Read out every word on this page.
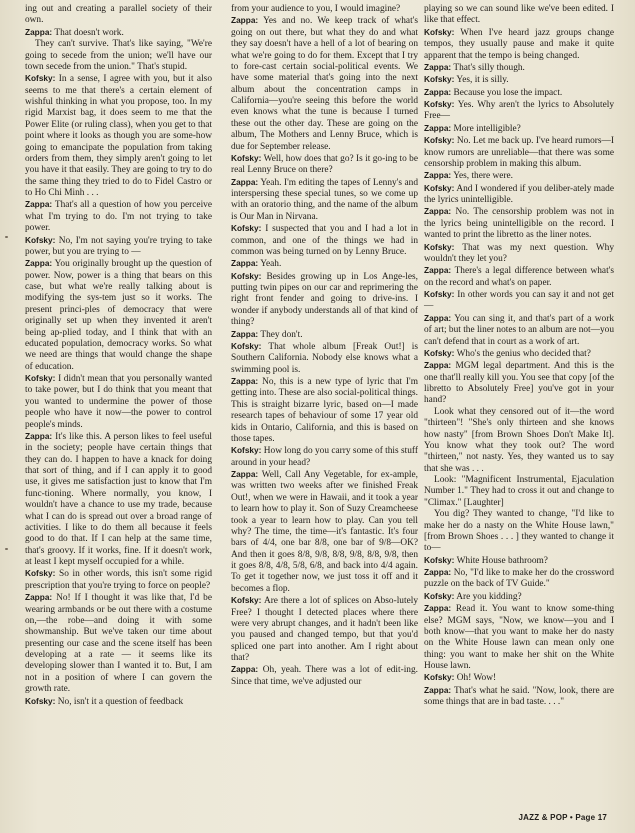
ing out and creating a parallel society of their own.

Zappa: That doesn't work.

They can't survive. That's like saying, "We're going to secede from the union; we'll have our town secede from the union." That's stupid.

Kofsky: In a sense, I agree with you, but it also seems to me that there's a certain element of wishful thinking in what you propose, too. In my rigid Marxist bag, it does seem to me that the Power Elite (or ruling class), when you get to that point where it looks as though you are some-how going to emancipate the population from taking orders from them, they simply aren't going to let you have it that easily. They are going to try to do the same thing they tried to do to Fidel Castro or to Ho Chi Minh . . .

Zappa: That's all a question of how you perceive what I'm trying to do. I'm not trying to take power.

Kofsky: No, I'm not saying you're trying to take power, but you are trying to —

Zappa: You originally brought up the question of power. Now, power is a thing that bears on this case, but what we're really talking about is modifying the sys-tem just so it works. The present princi-ples of democracy that were originally set up when they invented it aren't being ap-plied today, and I think that with an educated population, democracy works. So what we need are things that would change the shape of education.

Kofsky: I didn't mean that you personally wanted to take power, but I do think that you meant that you wanted to undermine the power of those people who have it now—the power to control people's minds.

Zappa: It's like this. A person likes to feel useful in the society; people have certain things that they can do. I happen to have a knack for doing that sort of thing, and if I can apply it to good use, it gives me satisfaction just to know that I'm func-tioning. Where normally, you know, I wouldn't have a chance to use my trade, because what I can do is spread out over a broad range of activities. I like to do them all because it feels good to do that. If I can help at the same time, that's groovy. If it works, fine. If it doesn't work, at least I kept myself occupied for a while.

Kofsky: So in other words, this isn't some rigid prescription that you're trying to force on people?

Zappa: No! If I thought it was like that, I'd be wearing armbands or be out there with a costume on,—the robe—and doing it with some showmanship. But we've taken our time about presenting our case and the scene itself has been developing at a rate — it seems like its developing slower than I wanted it to. But, I am not in a position of where I can govern the growth rate.

Kofsky: No, isn't it a question of feedback

from your audience to you, I would imagine?

Zappa: Yes and no. We keep track of what's going on out there, but what they do and what they say doesn't have a hell of a lot of bearing on what we're going to do for them. Except that I try to fore-cast certain social-political events. We have some material that's going into the next album about the concentration camps in California—you're seeing this before the world even knows what the tune is because I turned these out the other day. These are going on the album, The Mothers and Lenny Bruce, which is due for September release.

Kofsky: Well, how does that go? Is it go-ing to be real Lenny Bruce on there?

Zappa: Yeah. I'm editing the tapes of Lenny's and interspersing these special tunes, so we come up with an oratorio thing, and the name of the album is Our Man in Nirvana.

Kofsky: I suspected that you and I had a lot in common, and one of the things we had in common was being turned on by Lenny Bruce.

Zappa: Yeah.

Kofsky: Besides growing up in Los Ange-les, putting twin pipes on our car and reprimering the right front fender and going to drive-ins. I wonder if anybody understands all of that kind of thing?

Zappa: They don't.

Kofsky: That whole album [Freak Out!] is Southern California. Nobody else knows what a swimming pool is.

Zappa: No, this is a new type of lyric that I'm getting into. These are also social-political things. This is straight bizarre lyric, based on—I made research tapes of behaviour of some 17 year old kids in Ontario, California, and this is based on those tapes.

Kofsky: How long do you carry some of this stuff around in your head?

Zappa: Well, Call Any Vegetable, for ex-ample, was written two weeks after we finished Freak Out!, when we were in Hawaii, and it took a year to learn how to play it. Son of Suzy Creamcheese took a year to learn how to play. Can you tell why? The time, the time—it's fantastic. It's four bars of 4/4, one bar 8/8, one bar of 9/8—OK? And then it goes 8/8, 9/8, 8/8, 9/8, 8/8, 9/8, then it goes 8/8, 4/8, 5/8, 6/8, and back into 4/4 again. To get it together now, we just toss it off and it becomes a flop.

Kofsky: Are there a lot of splices on Abso-lutely Free? I thought I detected places where there were very abrupt changes, and it hadn't been like you paused and changed tempo, but that you'd spliced one part into another. Am I right about that?

Zappa: Oh, yeah. There was a lot of edit-ing. Since that time, we've adjusted our

playing so we can sound like we've been edited. I like that effect.

Kofsky: When I've heard jazz groups change tempos, they usually pause and make it quite apparent that the tempo is being changed.

Zappa: That's silly though.

Kofsky: Yes, it is silly.

Zappa: Because you lose the impact.

Kofsky: Yes. Why aren't the lyrics to Absolutely Free—

Zappa: More intelligible?

Kofsky: No. Let me back up. I've heard rumors—I know rumors are unreliable—that there was some censorship problem in making this album.

Zappa: Yes, there were.

Kofsky: And I wondered if you deliber-ately made the lyrics unintelligible.

Zappa: No. The censorship problem was not in the lyrics being unintelligible on the record. I wanted to print the libretto as the liner notes.

Kofsky: That was my next question. Why wouldn't they let you?

Zappa: There's a legal difference between what's on the record and what's on paper.

Kofsky: In other words you can say it and not get—

Zappa: You can sing it, and that's part of a work of art; but the liner notes to an album are not—you can't defend that in court as a work of art.

Kofsky: Who's the genius who decided that?

Zappa: MGM legal department. And this is the one that'll really kill you. You see that copy [of the libretto to Absolutely Free] you've got in your hand?

Look what they censored out of it—the word "thirteen"! "She's only thirteen and she knows how nasty" [from Brown Shoes Don't Make It]. You know what they took out? The word "thirteen," not nasty. Yes, they wanted us to say that she was . . .

Look: "Magnificent Instrumental, Ejaculation Number 1." They had to cross it out and change to "Climax." [Laughter]

You dig? They wanted to change, "I'd like to make her do a nasty on the White House lawn," [from Brown Shoes . . . ] they wanted to change it to—

Kofsky: White House bathroom?

Zappa: No, "I'd like to make her do the crossword puzzle on the back of TV Guide."

Kofsky: Are you kidding?

Zappa: Read it. You want to know some-thing else? MGM says, "Now, we know—you and I both know—that you want to make her do nasty on the White House lawn can mean only one thing: you want to make her shit on the White House lawn.

Kofsky: Oh! Wow!

Zappa: That's what he said. "Now, look, there are some things that are in bad taste. . . ."

JAZZ & POP • Page 17
